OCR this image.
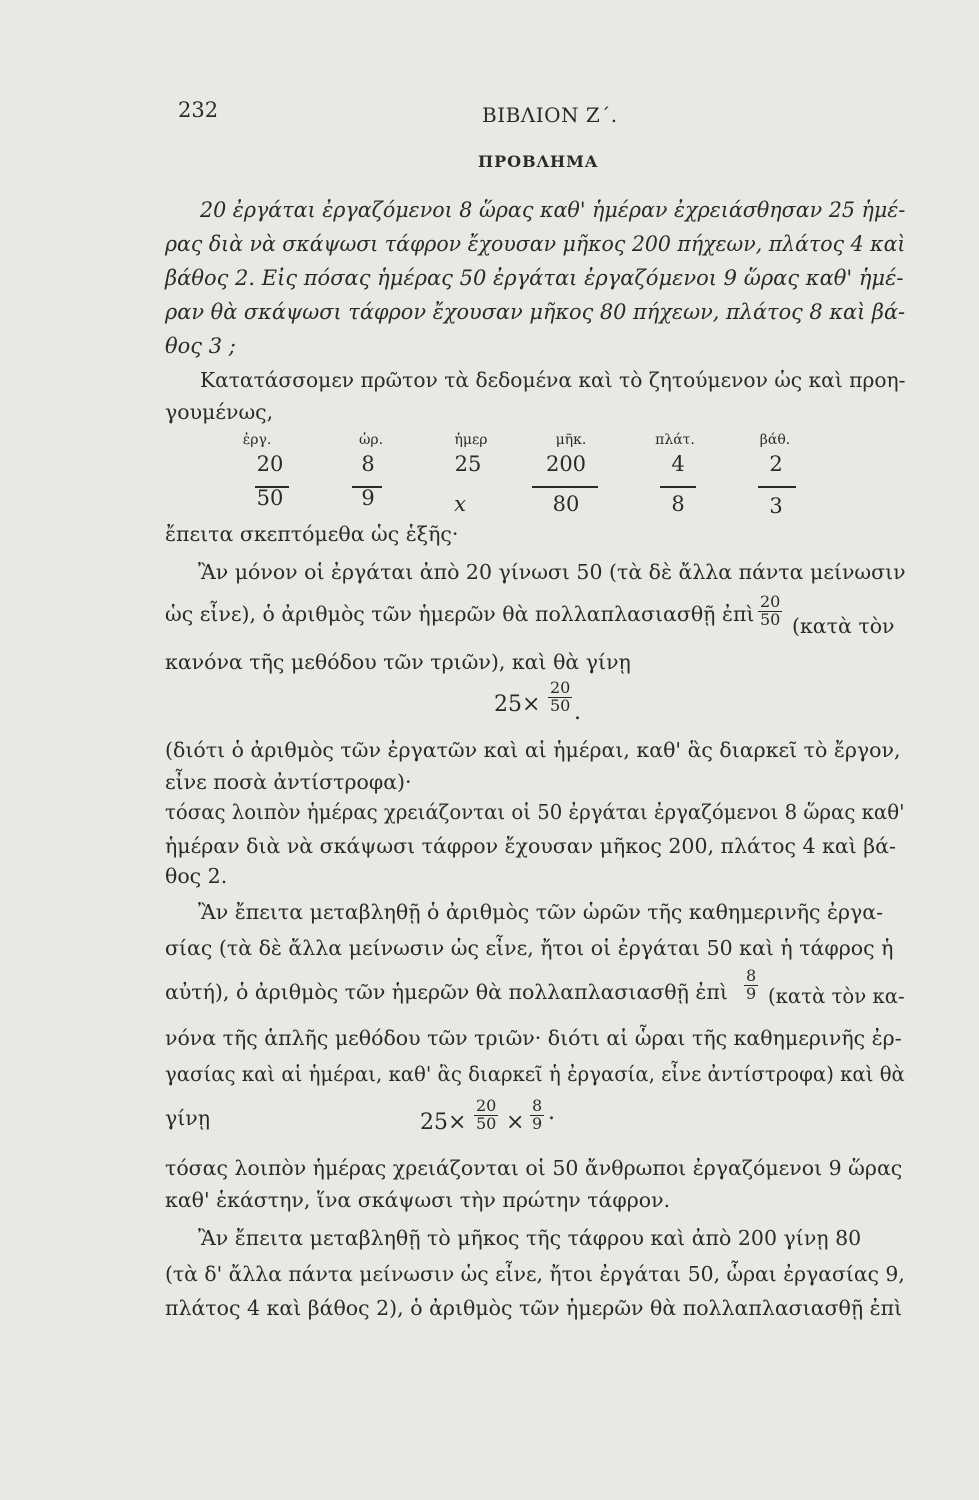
232	ΒΙΒΛΙΟΝ Ζ΄.
ΠΡΟΒΛΗΜΑ
20 ἐργάται ἐργαζόμενοι 8 ὥρας καθ' ἡμέραν ἐχρειάσθησαν 25 ἡμέ-
ρας διὰ νὰ σκάψωσι τάφρον ἔχουσαν μῆκος 200 πήχεων, πλάτος 4 καὶ
βάθος 2. Εἰς πόσας ἡμέρας 50 ἐργάται ἐργαζόμενοι 9 ὥρας καθ' ἡμέ-
ραν θὰ σκάψωσι τάφρον ἔχουσαν μῆκος 80 πήχεων, πλάτος 8 καὶ βά-
θος 3 ;
Κατατάσσομεν πρῶτον τὰ δεδομένα καὶ τὸ ζητούμενον ὡς καὶ προη-
γουμένως,
ἐργ.	ὡρ.	ἡμερ	μῆκ.	πλάτ.	βάθ.
20	8	25	200	4	2
50	9	x	80	8	3
ἔπειτα σκεπτόμεθα ὡς ἑξῆς·
Ἂν μόνον οἱ ἐργάται ἀπὸ 20 γίνωσι 50 (τὰ δὲ ἄλλα πάντα μείνωσιν
ὡς εἶνε), ὁ ἀριθμὸς τῶν ἡμερῶν θὰ πολλαπλασιασθῇ ἐπὶ $\frac{20}{50}$ (κατὰ τὸν
κανόνα τῆς μεθόδου τῶν τριῶν), καὶ θὰ γίνῃ
$25\times \frac{20}{50}$ .
(διότι ὁ ἀριθμὸς τῶν ἐργατῶν καὶ αἱ ἡμέραι, καθ' ἃς διαρκεῖ τὸ ἔργον,
εἶνε ποσὰ ἀντίστροφα)·
τόσας λοιπὸν ἡμέρας χρειάζονται οἱ 50 ἐργάται ἐργαζόμενοι 8 ὥρας καθ'
ἡμέραν διὰ νὰ σκάψωσι τάφρον ἔχουσαν μῆκος 200, πλάτος 4 καὶ βά-
θος 2.
Ἂν ἔπειτα μεταβληθῇ ὁ ἀριθμὸς τῶν ὡρῶν τῆς καθημερινῆς ἐργα-
σίας (τὰ δὲ ἄλλα μείνωσιν ὡς εἶνε, ἤτοι οἱ ἐργάται 50 καὶ ἡ τάφρος ἡ
αὐτή), ὁ ἀριθμὸς τῶν ἡμερῶν θὰ πολλαπλασιασθῇ ἐπὶ $\frac{8}{9}$ (κατὰ τὸν κα-
νόνα τῆς ἁπλῆς μεθόδου τῶν τριῶν· διότι αἱ ὧραι τῆς καθημερινῆς ἐρ-
γασίας καὶ αἱ ἡμέραι, καθ' ἃς διαρκεῖ ἡ ἐργασία, εἶνε ἀντίστροφα) καὶ θὰ
γίνῃ	$25\times \frac{20}{50} \times \frac{8}{9}$ .
τόσας λοιπὸν ἡμέρας χρειάζονται οἱ 50 ἄνθρωποι ἐργαζόμενοι 9 ὥρας
καθ' ἑκάστην, ἵνα σκάψωσι τὴν πρώτην τάφρον.
Ἂν ἔπειτα μεταβληθῇ τὸ μῆκος τῆς τάφρου καὶ ἀπὸ 200 γίνῃ 80
(τὰ δ' ἄλλα πάντα μείνωσιν ὡς εἶνε, ἤτοι ἐργάται 50, ὧραι ἐργασίας 9,
πλάτος 4 καὶ βάθος 2), ὁ ἀριθμὸς τῶν ἡμερῶν θὰ πολλαπλασιασθῇ ἐπὶ
